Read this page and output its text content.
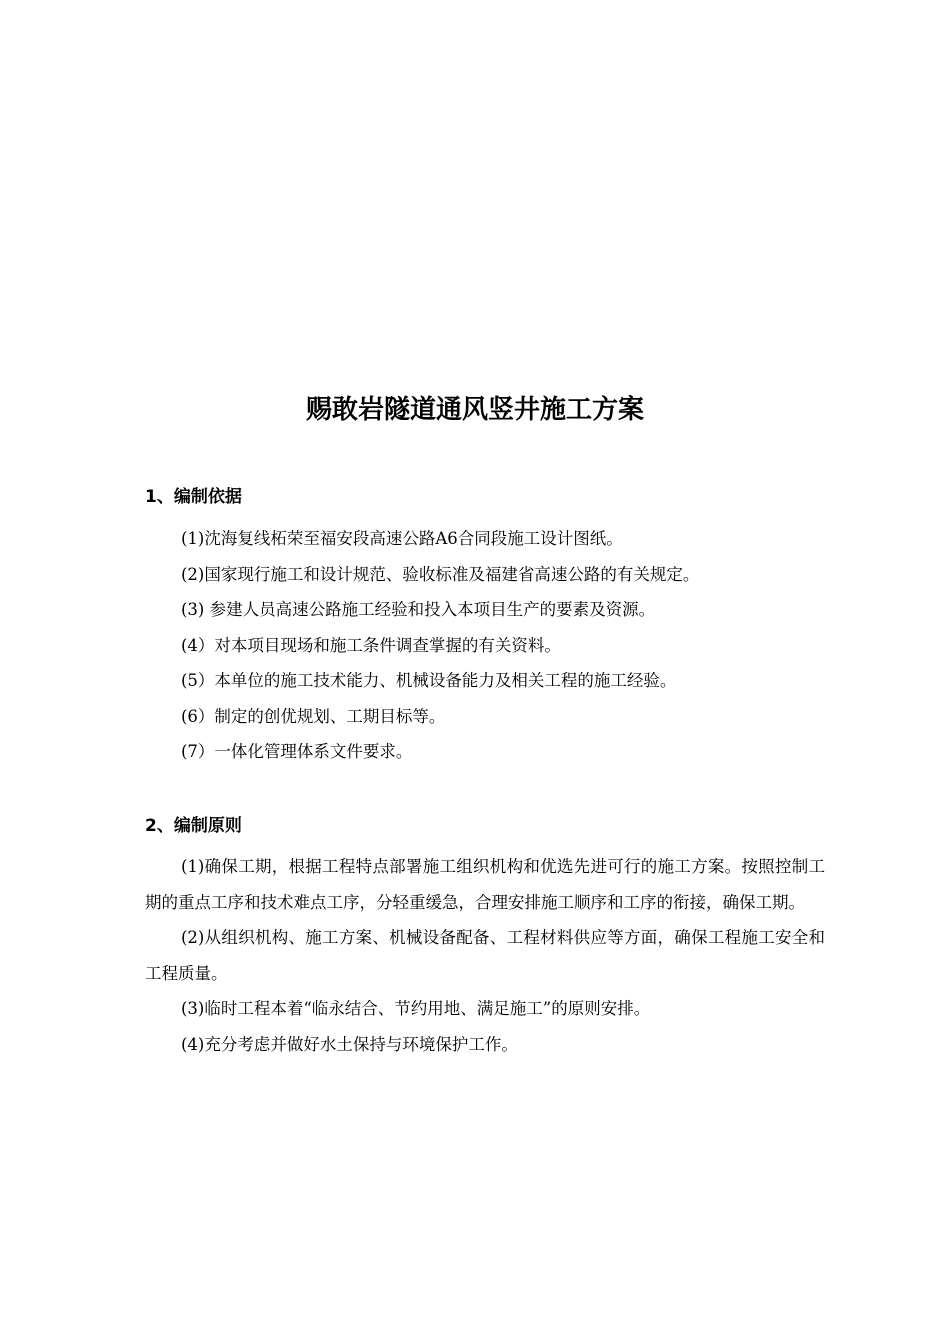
赐敢岩隧道通风竖井施工方案
1、编制依据
(1)沈海复线柘荣至福安段高速公路A6合同段施工设计图纸。
(2)国家现行施工和设计规范、验收标准及福建省高速公路的有关规定。
(3) 参建人员高速公路施工经验和投入本项目生产的要素及资源。
(4）对本项目现场和施工条件调查掌握的有关资料。
(5）本单位的施工技术能力、机械设备能力及相关工程的施工经验。
(6）制定的创优规划、工期目标等。
(7）一体化管理体系文件要求。
2、编制原则
(1)确保工期，根据工程特点部署施工组织机构和优选先进可行的施工方案。按照控制工期的重点工序和技术难点工序，分轻重缓急，合理安排施工顺序和工序的衔接，确保工期。
(2)从组织机构、施工方案、机械设备配备、工程材料供应等方面，确保工程施工安全和工程质量。
(3)临时工程本着“临永结合、节约用地、满足施工”的原则安排。
(4)充分考虑并做好水土保持与环境保护工作。
